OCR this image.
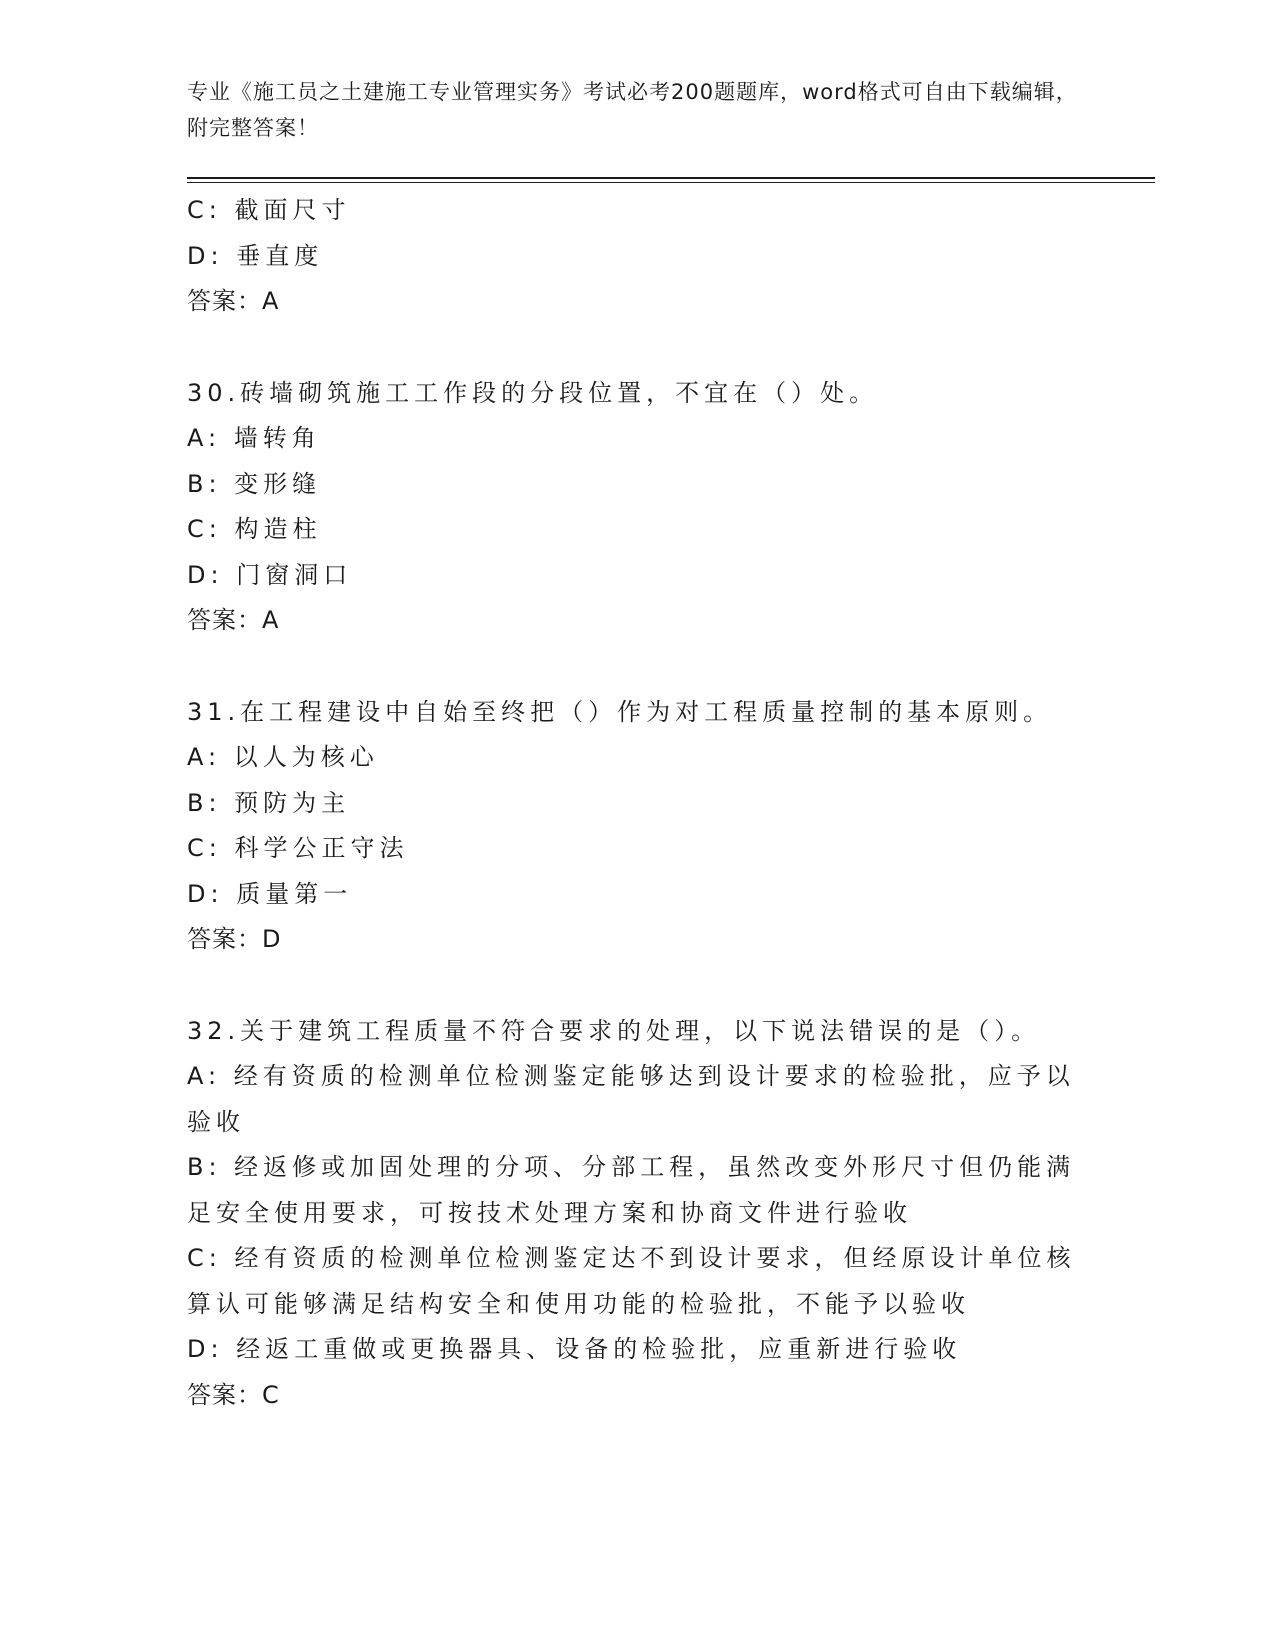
专业《施工员之土建施工专业管理实务》考试必考200题题库，word格式可自由下载编辑，附完整答案！

C: 截面尺寸

D: 垂直度

答案：A

30.砖墙砌筑施工工作段的分段位置，不宜在（）处。

A: 墙转角

B: 变形缝

C: 构造柱

D: 门窗洞口

答案：A

31.在工程建设中自始至终把（）作为对工程质量控制的基本原则。

A: 以人为核心

B: 预防为主

C: 科学公正守法

D: 质量第一

答案：D

32.关于建筑工程质量不符合要求的处理，以下说法错误的是（）。

A: 经有资质的检测单位检测鉴定能够达到设计要求的检验批，应予以验收

B: 经返修或加固处理的分项、分部工程，虽然改变外形尺寸但仍能满足安全使用要求，可按技术处理方案和协商文件进行验收

C: 经有资质的检测单位检测鉴定达不到设计要求，但经原设计单位核算认可能够满足结构安全和使用功能的检验批，不能予以验收

D: 经返工重做或更换器具、设备的检验批，应重新进行验收

答案：C
